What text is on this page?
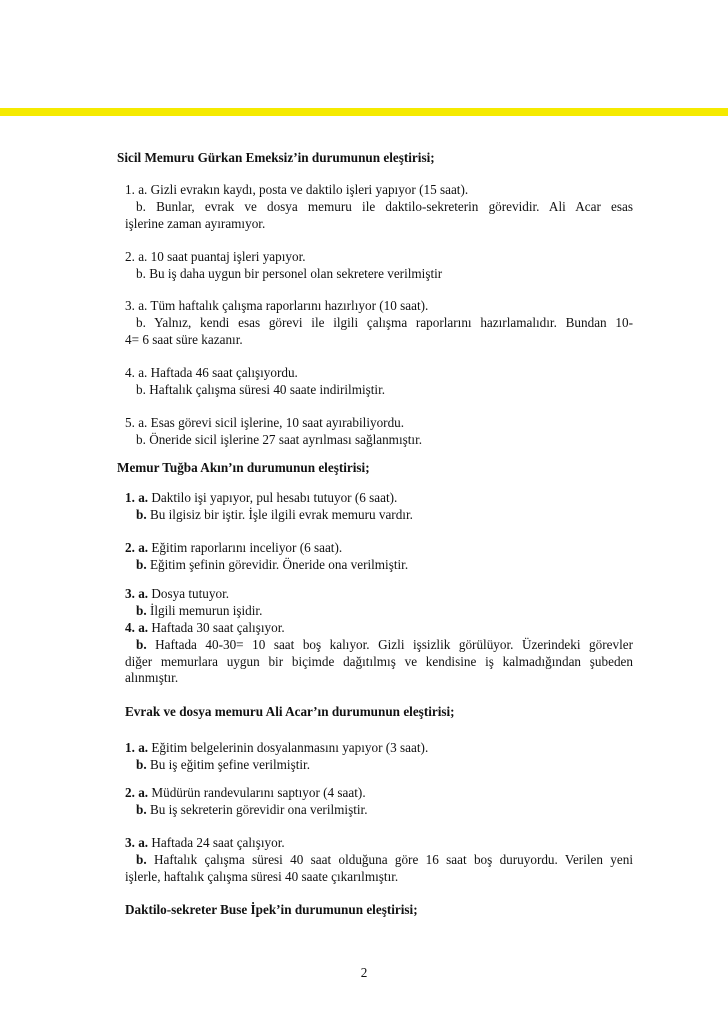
Sicil Memuru Gürkan Emeksiz’in durumunun eleştirisi;
1. a. Gizli evrakın kaydı, posta ve daktilo işleri yapıyor (15 saat).
b. Bunlar, evrak ve dosya memuru ile daktilo-sekreterin görevidir. Ali Acar esas
işlerine zaman ayıramıyor.
2. a. 10 saat puantaj işleri yapıyor.
b. Bu iş daha uygun bir personel olan sekretere verilmiştir
3. a. Tüm haftalık çalışma raporlarını hazırlıyor (10 saat).
b. Yalnız, kendi esas görevi ile ilgili çalışma raporlarını hazırlamalıdır. Bundan 10-
4= 6 saat süre kazanır.
4. a. Haftada 46 saat çalışıyordu.
b. Haftalık çalışma süresi 40 saate indirilmiştir.
5. a. Esas görevi sicil işlerine, 10 saat ayırabiliyordu.
b. Öneride sicil işlerine 27 saat ayrılması sağlanmıştır.
Memur Tuğba Akın’ın durumunun eleştirisi;
1. a. Daktilo işi yapıyor, pul hesabı tutuyor (6 saat).
b. Bu ilgisiz bir iştir. İşle ilgili evrak memuru vardır.
2. a. Eğitim raporlarını inceliyor (6 saat).
b. Eğitim şefinin görevidir. Öneride ona verilmiştir.
3. a. Dosya tutuyor.
b. İlgili memurun işidir.
4. a. Haftada 30 saat çalışıyor.
b. Haftada 40-30= 10 saat boş kalıyor. Gizli işsizlik görülüyor. Üzerindeki görevler
diğer memurlara uygun bir biçimde dağıtılmış ve kendisine iş kalmadığından şubeden
alınmıştır.
Evrak ve dosya memuru Ali Acar’ın durumunun eleştirisi;
1. a. Eğitim belgelerinin dosyalanmasını yapıyor (3 saat).
b. Bu iş eğitim şefine verilmiştir.
2. a. Müdürün randevularını saptıyor (4 saat).
b. Bu iş sekreterin görevidir ona verilmiştir.
3. a. Haftada 24 saat çalışıyor.
b. Haftalık çalışma süresi 40 saat olduğuna göre 16 saat boş duruyordu. Verilen yeni
işlerle, haftalık çalışma süresi 40 saate çıkarılmıştır.
Daktilo-sekreter Buse İpek’in durumunun eleştirisi;
2
